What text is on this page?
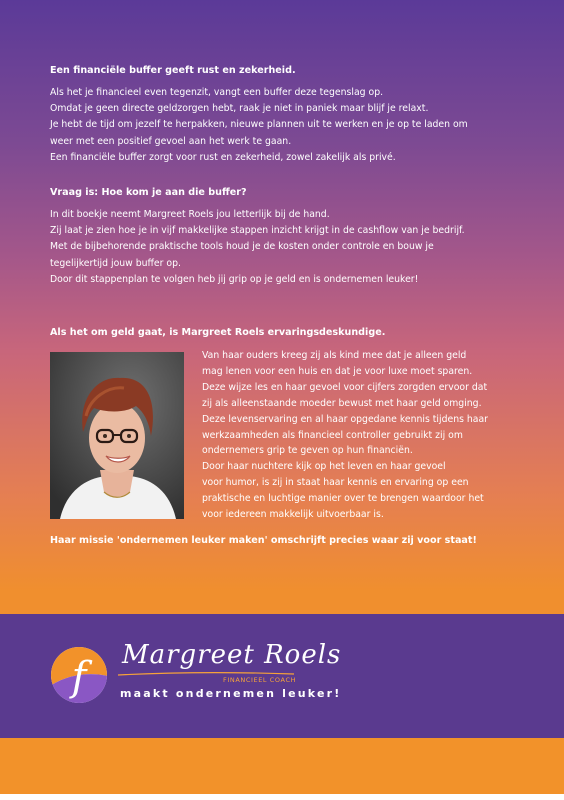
Een financiële buffer geeft rust en zekerheid.

Als het je financieel even tegenzit, vangt een buffer deze tegenslag op.
Omdat je geen directe geldzorgen hebt, raak je niet in paniek maar blijf je relaxt.
Je hebt de tijd om jezelf te herpakken, nieuwe plannen uit te werken en je op te laden om
weer met een positief gevoel aan het werk te gaan.
Een financiële buffer zorgt voor rust en zekerheid, zowel zakelijk als privé.

Vraag is: Hoe kom je aan die buffer?

In dit boekje neemt Margreet Roels jou letterlijk bij de hand.
Zij laat je zien hoe je in vijf makkelijke stappen inzicht krijgt in de cashflow van je bedrijf.
Met de bijbehorende praktische tools houd je de kosten onder controle en bouw je
tegelijkertijd jouw buffer op.
Door dit stappenplan te volgen heb jij grip op je geld en is ondernemen leuker!

Als het om geld gaat, is Margreet Roels ervaringsdeskundige.

Van haar ouders kreeg zij als kind mee dat je alleen geld
mag lenen voor een huis en dat je voor luxe moet sparen.
Deze wijze les en haar gevoel voor cijfers zorgden ervoor dat
zij als alleenstaande moeder bewust met haar geld omging.
Deze levenservaring en al haar opgedane kennis tijdens haar
werkzaamheden als financieel controller gebruikt zij om
ondernemers grip te geven op hun financiën.
Door haar nuchtere kijk op het leven en haar gevoel
voor humor, is zij in staat haar kennis en ervaring op een
praktische en luchtige manier over te brengen waardoor het
voor iedereen makkelijk uitvoerbaar is.

Haar missie 'ondernemen leuker maken' omschrijft precies waar zij voor staat!

f Margreet Roels
FINANCIEEL COACH
maakt ondernemen leuker!
